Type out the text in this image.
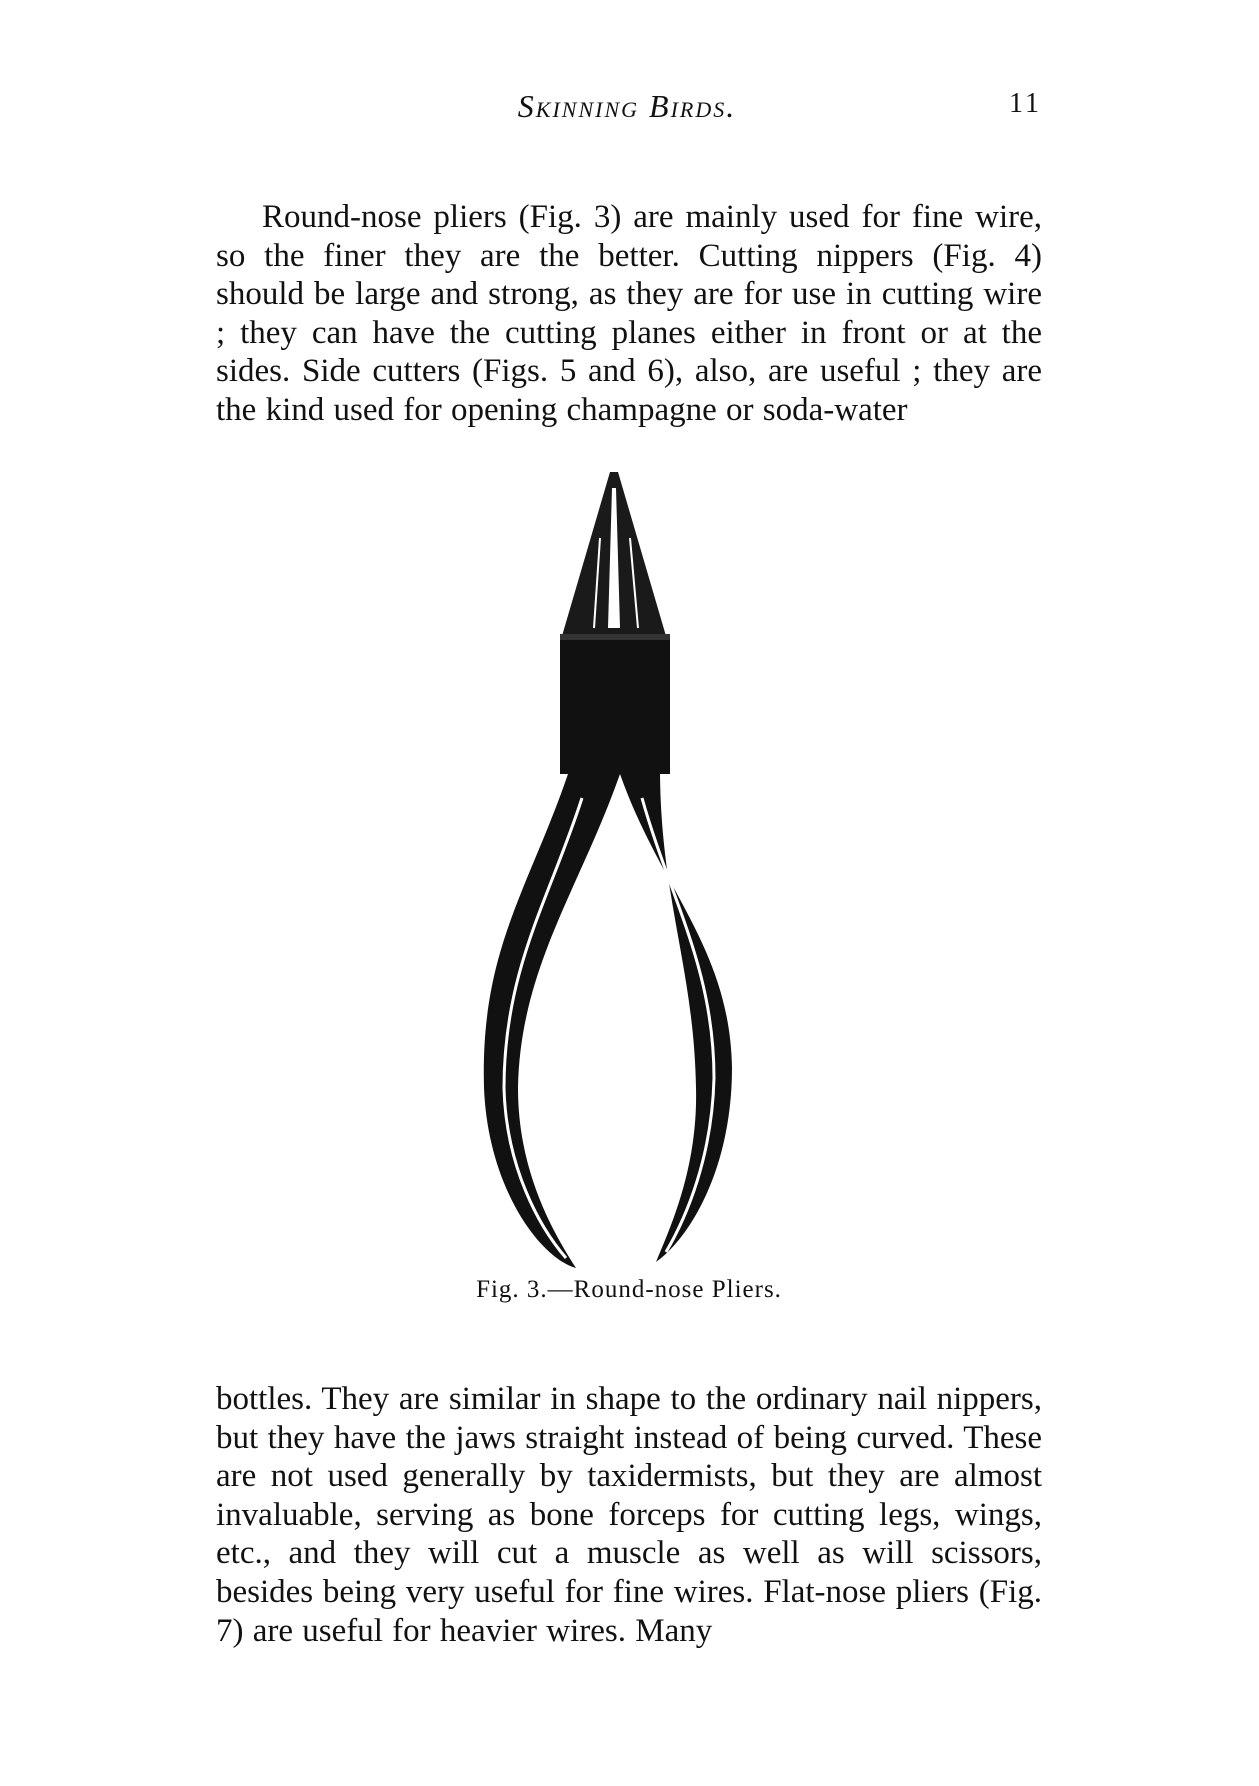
Skinning Birds.	11

Round-nose pliers (Fig. 3) are mainly used for fine wire, so the finer they are the better. Cutting nippers (Fig. 4) should be large and strong, as they are for use in cutting wire ; they can have the cutting planes either in front or at the sides. Side cutters (Figs. 5 and 6), also, are useful ; they are the kind used for opening champagne or soda-water

Fig. 3.—Round-nose Pliers.

bottles. They are similar in shape to the ordinary nail nippers, but they have the jaws straight instead of being curved. These are not used generally by taxidermists, but they are almost invaluable, serving as bone forceps for cutting legs, wings, etc., and they will cut a muscle as well as will scissors, besides being very useful for fine wires. Flat-nose pliers (Fig. 7) are useful for heavier wires. Many
